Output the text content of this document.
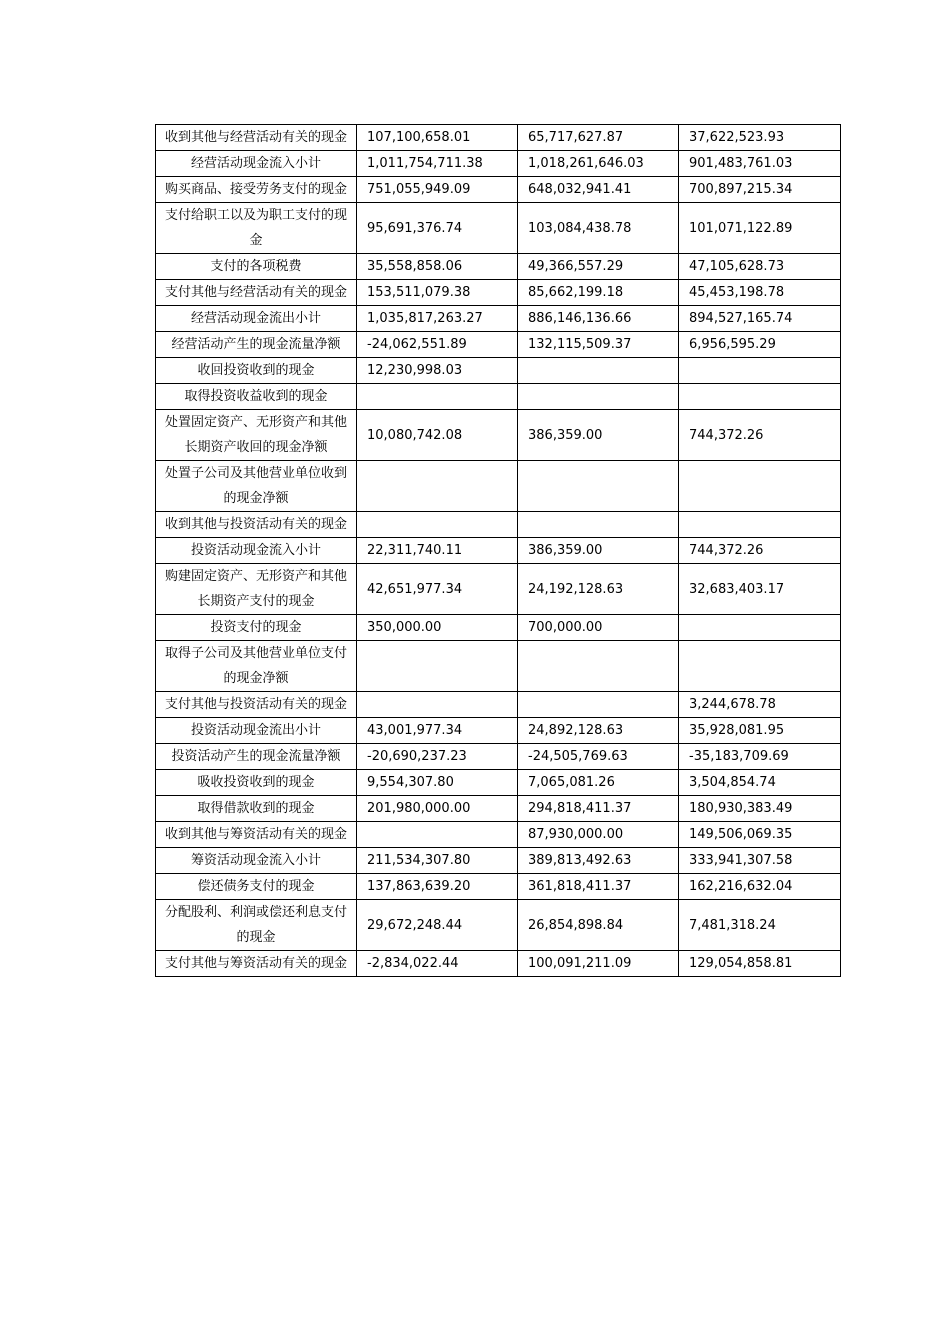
收到其他与经营活动有关的现金	107,100,658.01	65,717,627.87	37,622,523.93
经营活动现金流入小计	1,011,754,711.38	1,018,261,646.03	901,483,761.03
购买商品、接受劳务支付的现金	751,055,949.09	648,032,941.41	700,897,215.34
支付给职工以及为职工支付的现金	95,691,376.74	103,084,438.78	101,071,122.89
支付的各项税费	35,558,858.06	49,366,557.29	47,105,628.73
支付其他与经营活动有关的现金	153,511,079.38	85,662,199.18	45,453,198.78
经营活动现金流出小计	1,035,817,263.27	886,146,136.66	894,527,165.74
经营活动产生的现金流量净额	-24,062,551.89	132,115,509.37	6,956,595.29
收回投资收到的现金	12,230,998.03		
取得投资收益收到的现金			
处置固定资产、无形资产和其他长期资产收回的现金净额	10,080,742.08	386,359.00	744,372.26
处置子公司及其他营业单位收到的现金净额			
收到其他与投资活动有关的现金			
投资活动现金流入小计	22,311,740.11	386,359.00	744,372.26
购建固定资产、无形资产和其他长期资产支付的现金	42,651,977.34	24,192,128.63	32,683,403.17
投资支付的现金	350,000.00	700,000.00	
取得子公司及其他营业单位支付的现金净额			
支付其他与投资活动有关的现金			3,244,678.78
投资活动现金流出小计	43,001,977.34	24,892,128.63	35,928,081.95
投资活动产生的现金流量净额	-20,690,237.23	-24,505,769.63	-35,183,709.69
吸收投资收到的现金	9,554,307.80	7,065,081.26	3,504,854.74
取得借款收到的现金	201,980,000.00	294,818,411.37	180,930,383.49
收到其他与筹资活动有关的现金		87,930,000.00	149,506,069.35
筹资活动现金流入小计	211,534,307.80	389,813,492.63	333,941,307.58
偿还债务支付的现金	137,863,639.20	361,818,411.37	162,216,632.04
分配股利、利润或偿还利息支付的现金	29,672,248.44	26,854,898.84	7,481,318.24
支付其他与筹资活动有关的现金	-2,834,022.44	100,091,211.09	129,054,858.81
